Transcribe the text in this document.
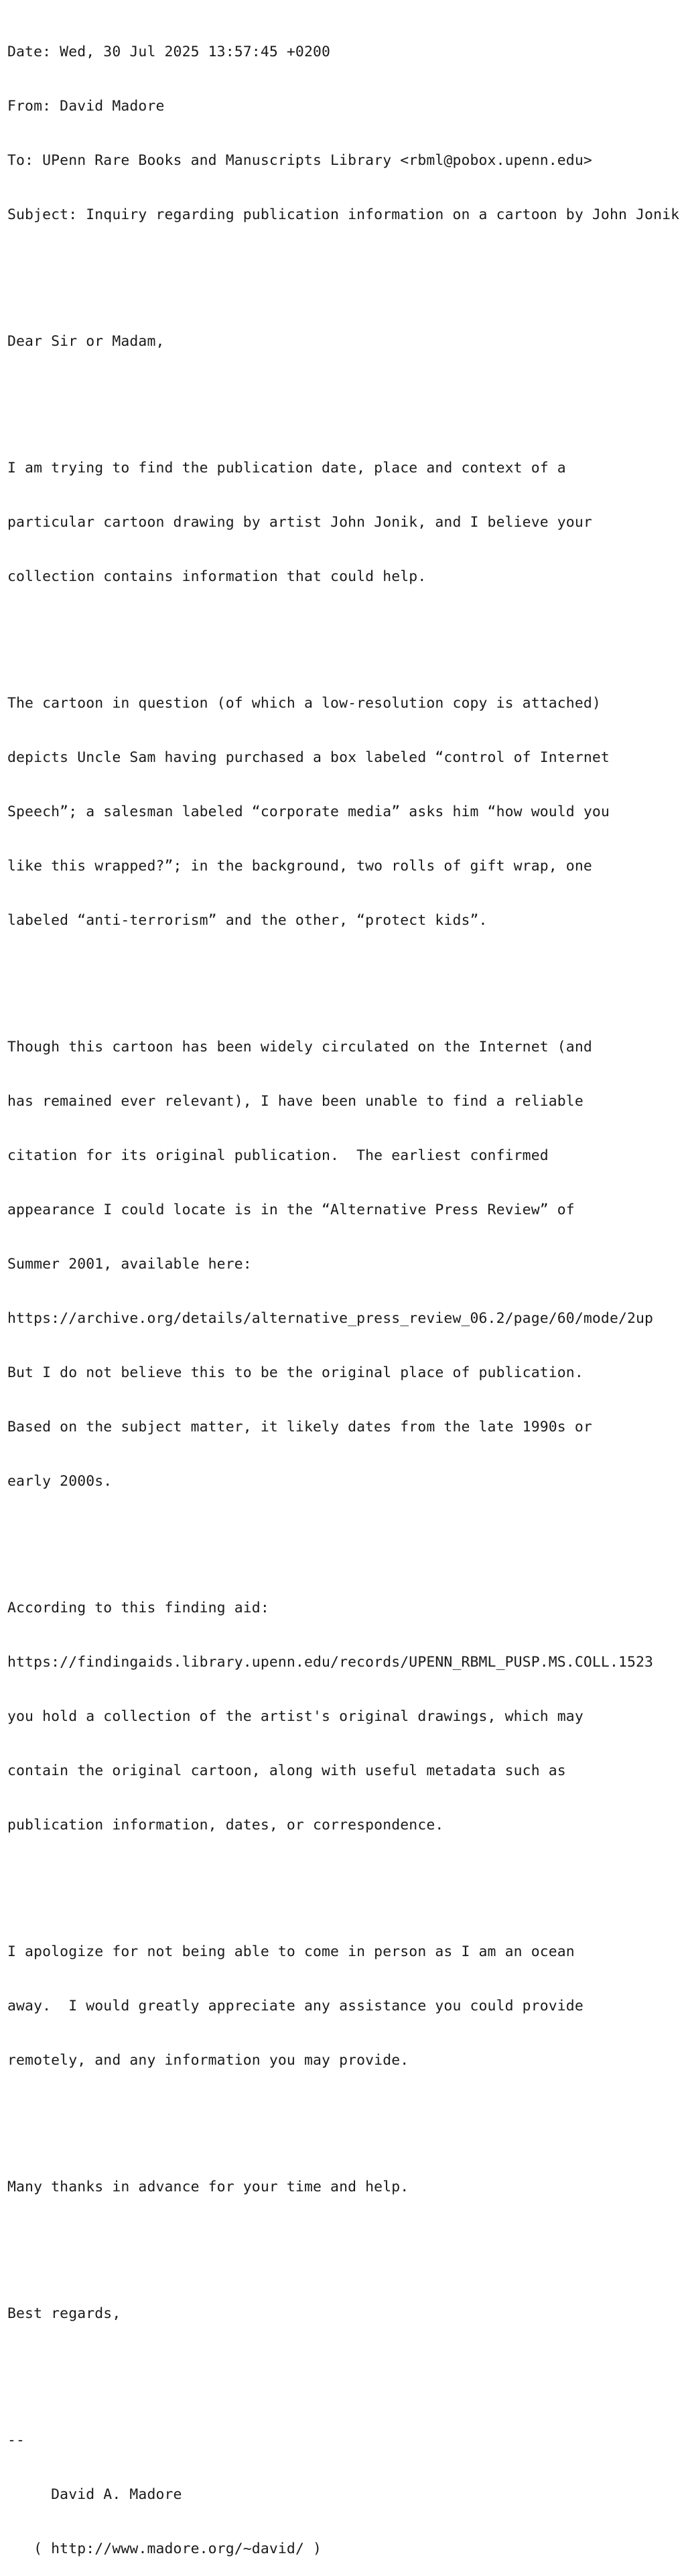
Date: Wed, 30 Jul 2025 13:57:45 +0200

From: David Madore

To: UPenn Rare Books and Manuscripts Library <rbml@pobox.upenn.edu>

Subject: Inquiry regarding publication information on a cartoon by John Jonik

Dear Sir or Madam,

I am trying to find the publication date, place and context of a

particular cartoon drawing by artist John Jonik, and I believe your

collection contains information that could help.

The cartoon in question (of which a low-resolution copy is attached)

depicts Uncle Sam having purchased a box labeled “control of Internet

Speech”; a salesman labeled “corporate media” asks him “how would you

like this wrapped?”; in the background, two rolls of gift wrap, one

labeled “anti-terrorism” and the other, “protect kids”.

Though this cartoon has been widely circulated on the Internet (and

has remained ever relevant), I have been unable to find a reliable

citation for its original publication.  The earliest confirmed

appearance I could locate is in the “Alternative Press Review” of

Summer 2001, available here:

https://archive.org/details/alternative_press_review_06.2/page/60/mode/2up

But I do not believe this to be the original place of publication.

Based on the subject matter, it likely dates from the late 1990s or

early 2000s.

According to this finding aid:

https://findingaids.library.upenn.edu/records/UPENN_RBML_PUSP.MS.COLL.1523

you hold a collection of the artist's original drawings, which may

contain the original cartoon, along with useful metadata such as

publication information, dates, or correspondence.

I apologize for not being able to come in person as I am an ocean

away.  I would greatly appreciate any assistance you could provide

remotely, and any information you may provide.

Many thanks in advance for your time and help.

Best regards,

--

David A. Madore

( http://www.madore.org/~david/ )
